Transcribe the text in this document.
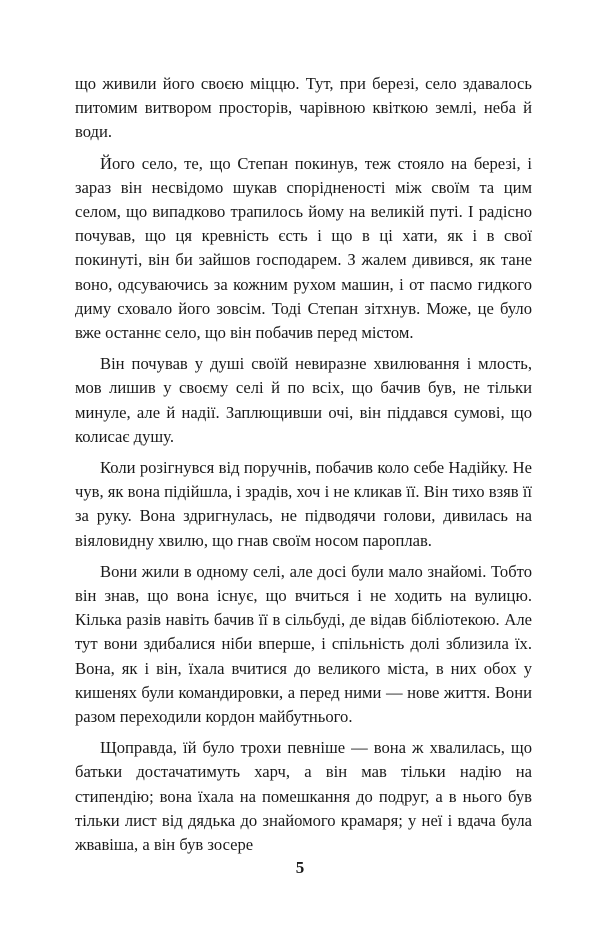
що живили його своєю міццю. Тут, при березі, село здавалось питомим витвором просторів, чарівною квіткою землі, неба й води.

Його село, те, що Степан покинув, теж стояло на березі, і зараз він несвідомо шукав спорідненості між своїм та цим селом, що випадково трапилось йому на великій путі. І радісно почував, що ця кревність єсть і що в ці хати, як і в свої покинуті, він би зайшов господарем. З жалем дивився, як тане воно, одсуваючись за кожним рухом машин, і от пасмо гидкого диму сховало його зовсім. Тоді Степан зітхнув. Може, це було вже останнє село, що він побачив перед містом.

Він почував у душі своїй невиразне хвилювання і млость, мов лишив у своєму селі й по всіх, що бачив був, не тільки минуле, але й надії. Заплющивши очі, він піддався сумові, що колисає душу.

Коли розігнувся від поручнів, побачив коло себе Надійку. Не чув, як вона підійшла, і зрадів, хоч і не кликав її. Він тихо взяв її за руку. Вона здригнулась, не підводячи голови, дивилась на віяловидну хвилю, що гнав своїм носом пароплав.

Вони жили в одному селі, але досі були мало знайомі. Тобто він знав, що вона існує, що вчиться і не ходить на вулицю. Кілька разів навіть бачив її в сільбуді, де відав бібліотекою. Але тут вони здибалися ніби вперше, і спільність долі зблизила їх. Вона, як і він, їхала вчитися до великого міста, в них обох у кишенях були командировки, а перед ними — нове життя. Вони разом переходили кордон майбутнього.

Щоправда, їй було трохи певніше — вона ж хвалилась, що батьки достачатимуть харч, а він мав тільки надію на стипендію; вона їхала на помешкання до подруг, а в нього був тільки лист від дядька до знайомого крамаря; у неї і вдача була жвавіша, а він був зосере

5
